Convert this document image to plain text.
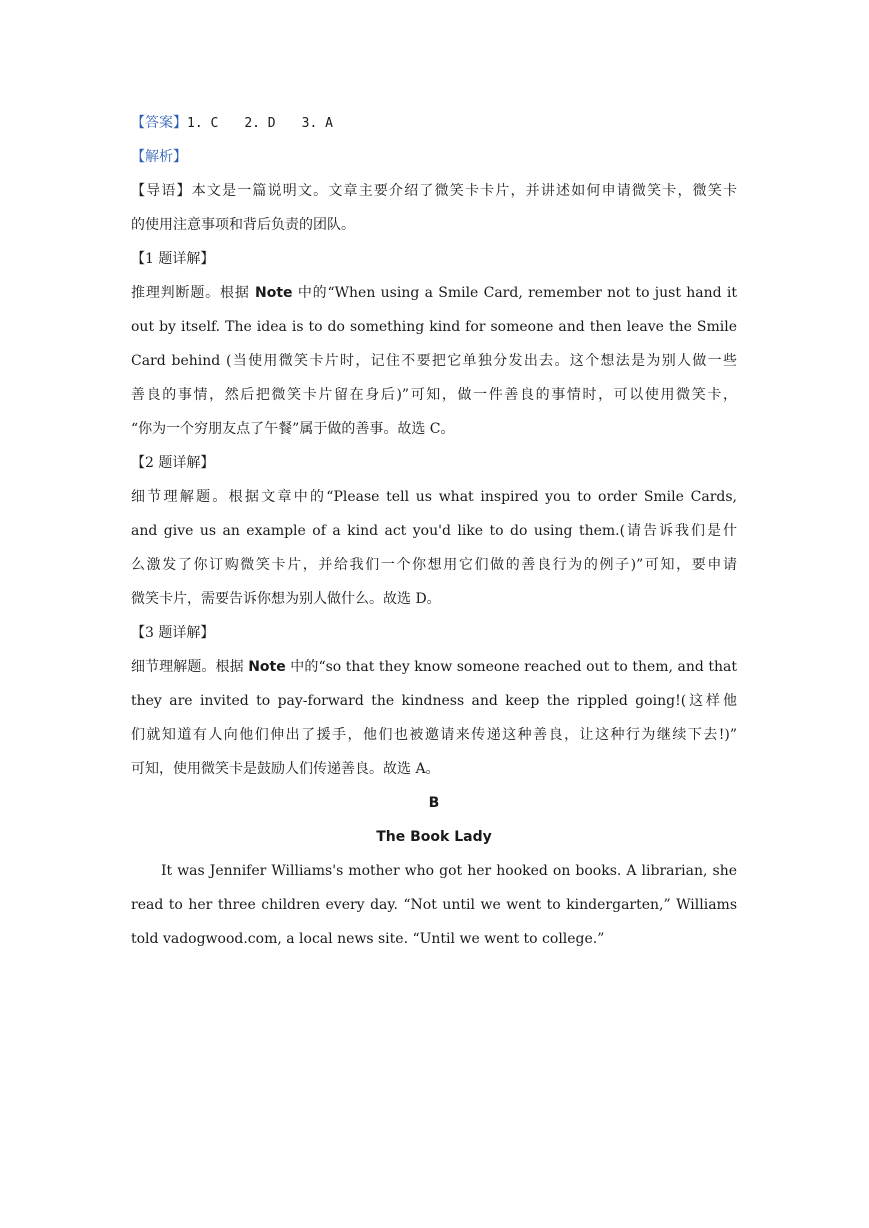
【答案】1. C 2. D 3. A
【解析】
【导语】本文是一篇说明文。文章主要介绍了微笑卡卡片，并讲述如何申请微笑卡，微笑卡
的使用注意事项和背后负责的团队。
【1 题详解】
推理判断题。根据 Note 中的“When using a Smile Card, remember not to just hand it
out by itself. The idea is to do something kind for someone and then leave the Smile
Card behind (当使用微笑卡片时，记住不要把它单独分发出去。这个想法是为别人做一些
善良的事情，然后把微笑卡片留在身后)”可知，做一件善良的事情时，可以使用微笑卡，
“你为一个穷朋友点了午餐”属于做的善事。故选 C。
【2 题详解】
细节理解题。根据文章中的“Please tell us what inspired you to order Smile Cards,
and give us an example of a kind act you'd like to do using them.(请告诉我们是什
么激发了你订购微笑卡片，并给我们一个你想用它们做的善良行为的例子)”可知，要申请
微笑卡片，需要告诉你想为别人做什么。故选 D。
【3 题详解】
细节理解题。根据 Note 中的“so that they know someone reached out to them, and that
they are invited to pay-forward the kindness and keep the rippled going!(这样他
们就知道有人向他们伸出了援手，他们也被邀请来传递这种善良，让这种行为继续下去!)”
可知，使用微笑卡是鼓励人们传递善良。故选 A。
B
The Book Lady
It was Jennifer Williams's mother who got her hooked on books. A librarian, she
read to her three children every day. “Not until we went to kindergarten,” Williams
told vadogwood.com, a local news site. “Until we went to college.”
